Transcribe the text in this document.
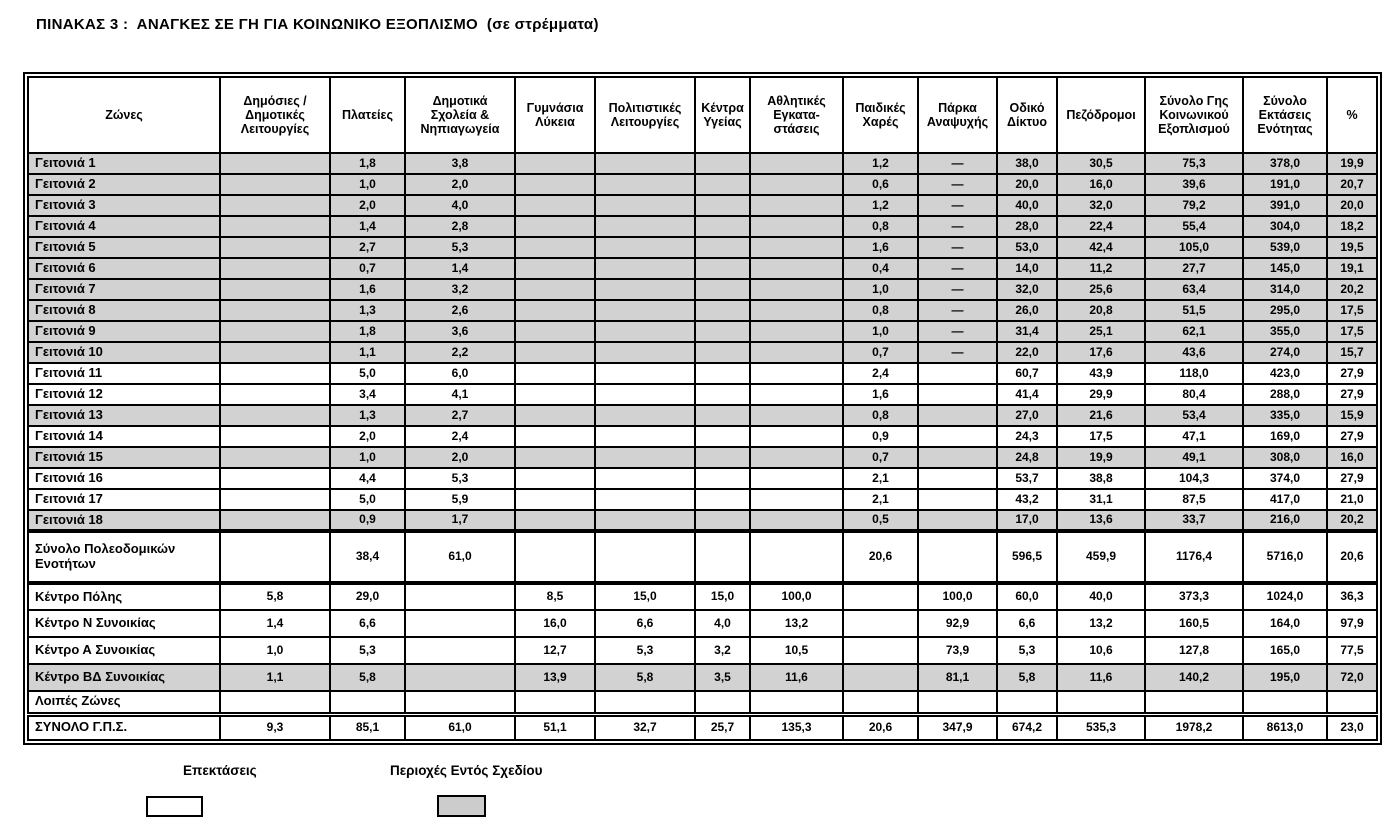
ΠΙΝΑΚΑΣ 3 :  ΑΝΑΓΚΕΣ ΣΕ ΓΗ ΓΙΑ ΚΟΙΝΩΝΙΚΟ ΕΞΟΠΛΙΣΜΟ  (σε στρέμματα)
Ζώνες	Δημόσιες / Δημοτικές Λειτουργίες	Πλατείες	Δημοτικά Σχολεία & Νηπιαγωγεία	Γυμνάσια Λύκεια	Πολιτιστικές Λειτουργίες	Κέντρα Υγείας	Αθλητικές Εγκατα- στάσεις	Παιδικές Χαρές	Πάρκα Αναψυχής	Οδικό Δίκτυο	Πεζόδρομοι	Σύνολο Γης Κοινωνικού Εξοπλισμού	Σύνολο Εκτάσεις Ενότητας	%
Γειτονιά 1		1,8	3,8					1,2	—	38,0	30,5	75,3	378,0	19,9
Γειτονιά 2		1,0	2,0					0,6	—	20,0	16,0	39,6	191,0	20,7
Γειτονιά 3		2,0	4,0					1,2	—	40,0	32,0	79,2	391,0	20,0
Γειτονιά 4		1,4	2,8					0,8	—	28,0	22,4	55,4	304,0	18,2
Γειτονιά 5		2,7	5,3					1,6	—	53,0	42,4	105,0	539,0	19,5
Γειτονιά 6		0,7	1,4					0,4	—	14,0	11,2	27,7	145,0	19,1
Γειτονιά 7		1,6	3,2					1,0	—	32,0	25,6	63,4	314,0	20,2
Γειτονιά 8		1,3	2,6					0,8	—	26,0	20,8	51,5	295,0	17,5
Γειτονιά 9		1,8	3,6					1,0	—	31,4	25,1	62,1	355,0	17,5
Γειτονιά 10		1,1	2,2					0,7	—	22,0	17,6	43,6	274,0	15,7
Γειτονιά 11		5,0	6,0					2,4		60,7	43,9	118,0	423,0	27,9
Γειτονιά 12		3,4	4,1					1,6		41,4	29,9	80,4	288,0	27,9
Γειτονιά 13		1,3	2,7					0,8		27,0	21,6	53,4	335,0	15,9
Γειτονιά 14		2,0	2,4					0,9		24,3	17,5	47,1	169,0	27,9
Γειτονιά 15		1,0	2,0					0,7		24,8	19,9	49,1	308,0	16,0
Γειτονιά 16		4,4	5,3					2,1		53,7	38,8	104,3	374,0	27,9
Γειτονιά 17		5,0	5,9					2,1		43,2	31,1	87,5	417,0	21,0
Γειτονιά 18		0,9	1,7					0,5		17,0	13,6	33,7	216,0	20,2
Σύνολο Πολεοδομικών Ενοτήτων		38,4	61,0					20,6		596,5	459,9	1176,4	5716,0	20,6
Κέντρο Πόλης	5,8	29,0		8,5	15,0	15,0	100,0		100,0	60,0	40,0	373,3	1024,0	36,3
Κέντρο Ν Συνοικίας	1,4	6,6		16,0	6,6	4,0	13,2		92,9	6,6	13,2	160,5	164,0	97,9
Κέντρο Α Συνοικίας	1,0	5,3		12,7	5,3	3,2	10,5		73,9	5,3	10,6	127,8	165,0	77,5
Κέντρο ΒΔ Συνοικίας	1,1	5,8		13,9	5,8	3,5	11,6		81,1	5,8	11,6	140,2	195,0	72,0
Λοιπές Ζώνες														
ΣΥΝΟΛΟ Γ.Π.Σ.	9,3	85,1	61,0	51,1	32,7	25,7	135,3	20,6	347,9	674,2	535,3	1978,2	8613,0	23,0
Επεκτάσεις	Περιοχές Εντός Σχεδίου
